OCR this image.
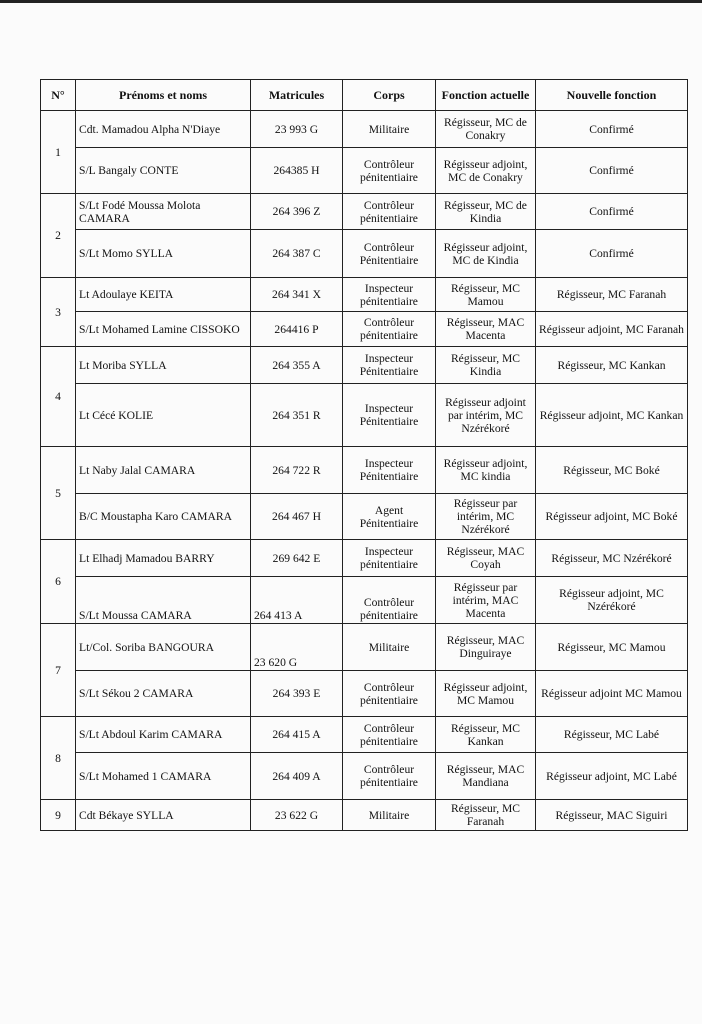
N°	Prénoms et noms	Matricules	Corps	Fonction actuelle	Nouvelle fonction
1	Cdt. Mamadou Alpha N'Diaye	23 993 G	Militaire	Régisseur, MC de Conakry	Confirmé
	S/L Bangaly CONTE	264385 H	Contrôleur pénitentiaire	Régisseur adjoint, MC de Conakry	Confirmé
2	S/Lt Fodé Moussa Molota CAMARA	264 396 Z	Contrôleur pénitentiaire	Régisseur, MC de Kindia	Confirmé
	S/Lt Momo SYLLA	264 387 C	Contrôleur Pénitentiaire	Régisseur adjoint, MC de Kindia	Confirmé
3	Lt Adoulaye KEITA	264 341 X	Inspecteur pénitentiaire	Régisseur, MC Mamou	Régisseur, MC Faranah
	S/Lt Mohamed Lamine CISSOKO	264416 P	Contrôleur pénitentiaire	Régisseur, MAC Macenta	Régisseur adjoint, MC Faranah
4	Lt Moriba SYLLA	264 355 A	Inspecteur Pénitentiaire	Régisseur, MC Kindia	Régisseur, MC Kankan
	Lt Cécé KOLIE	264 351 R	Inspecteur Pénitentiaire	Régisseur adjoint par intérim, MC Nzérékoré	Régisseur adjoint, MC Kankan
5	Lt Naby Jalal CAMARA	264 722 R	Inspecteur Pénitentiaire	Régisseur adjoint, MC kindia	Régisseur, MC Boké
	B/C Moustapha Karo CAMARA	264 467 H	Agent Pénitentiaire	Régisseur par intérim, MC Nzérékoré	Régisseur adjoint, MC Boké
6	Lt Elhadj Mamadou BARRY	269 642 E	Inspecteur pénitentiaire	Régisseur, MAC Coyah	Régisseur, MC Nzérékoré
	S/Lt Moussa CAMARA	264 413 A	Contrôleur pénitentiaire	Régisseur par intérim, MAC Macenta	Régisseur adjoint, MC Nzérékoré
7	Lt/Col. Soriba BANGOURA	23 620 G	Militaire	Régisseur, MAC Dinguiraye	Régisseur, MC Mamou
	S/Lt Sékou 2 CAMARA	264 393 E	Contrôleur pénitentiaire	Régisseur adjoint, MC Mamou	Régisseur adjoint MC Mamou
8	S/Lt Abdoul Karim CAMARA	264 415 A	Contrôleur pénitentiaire	Régisseur, MC Kankan	Régisseur, MC Labé
	S/Lt Mohamed 1 CAMARA	264 409 A	Contrôleur pénitentiaire	Régisseur, MAC Mandiana	Régisseur adjoint, MC Labé
9	Cdt Békaye SYLLA	23 622 G	Militaire	Régisseur, MC Faranah	Régisseur, MAC Siguiri
